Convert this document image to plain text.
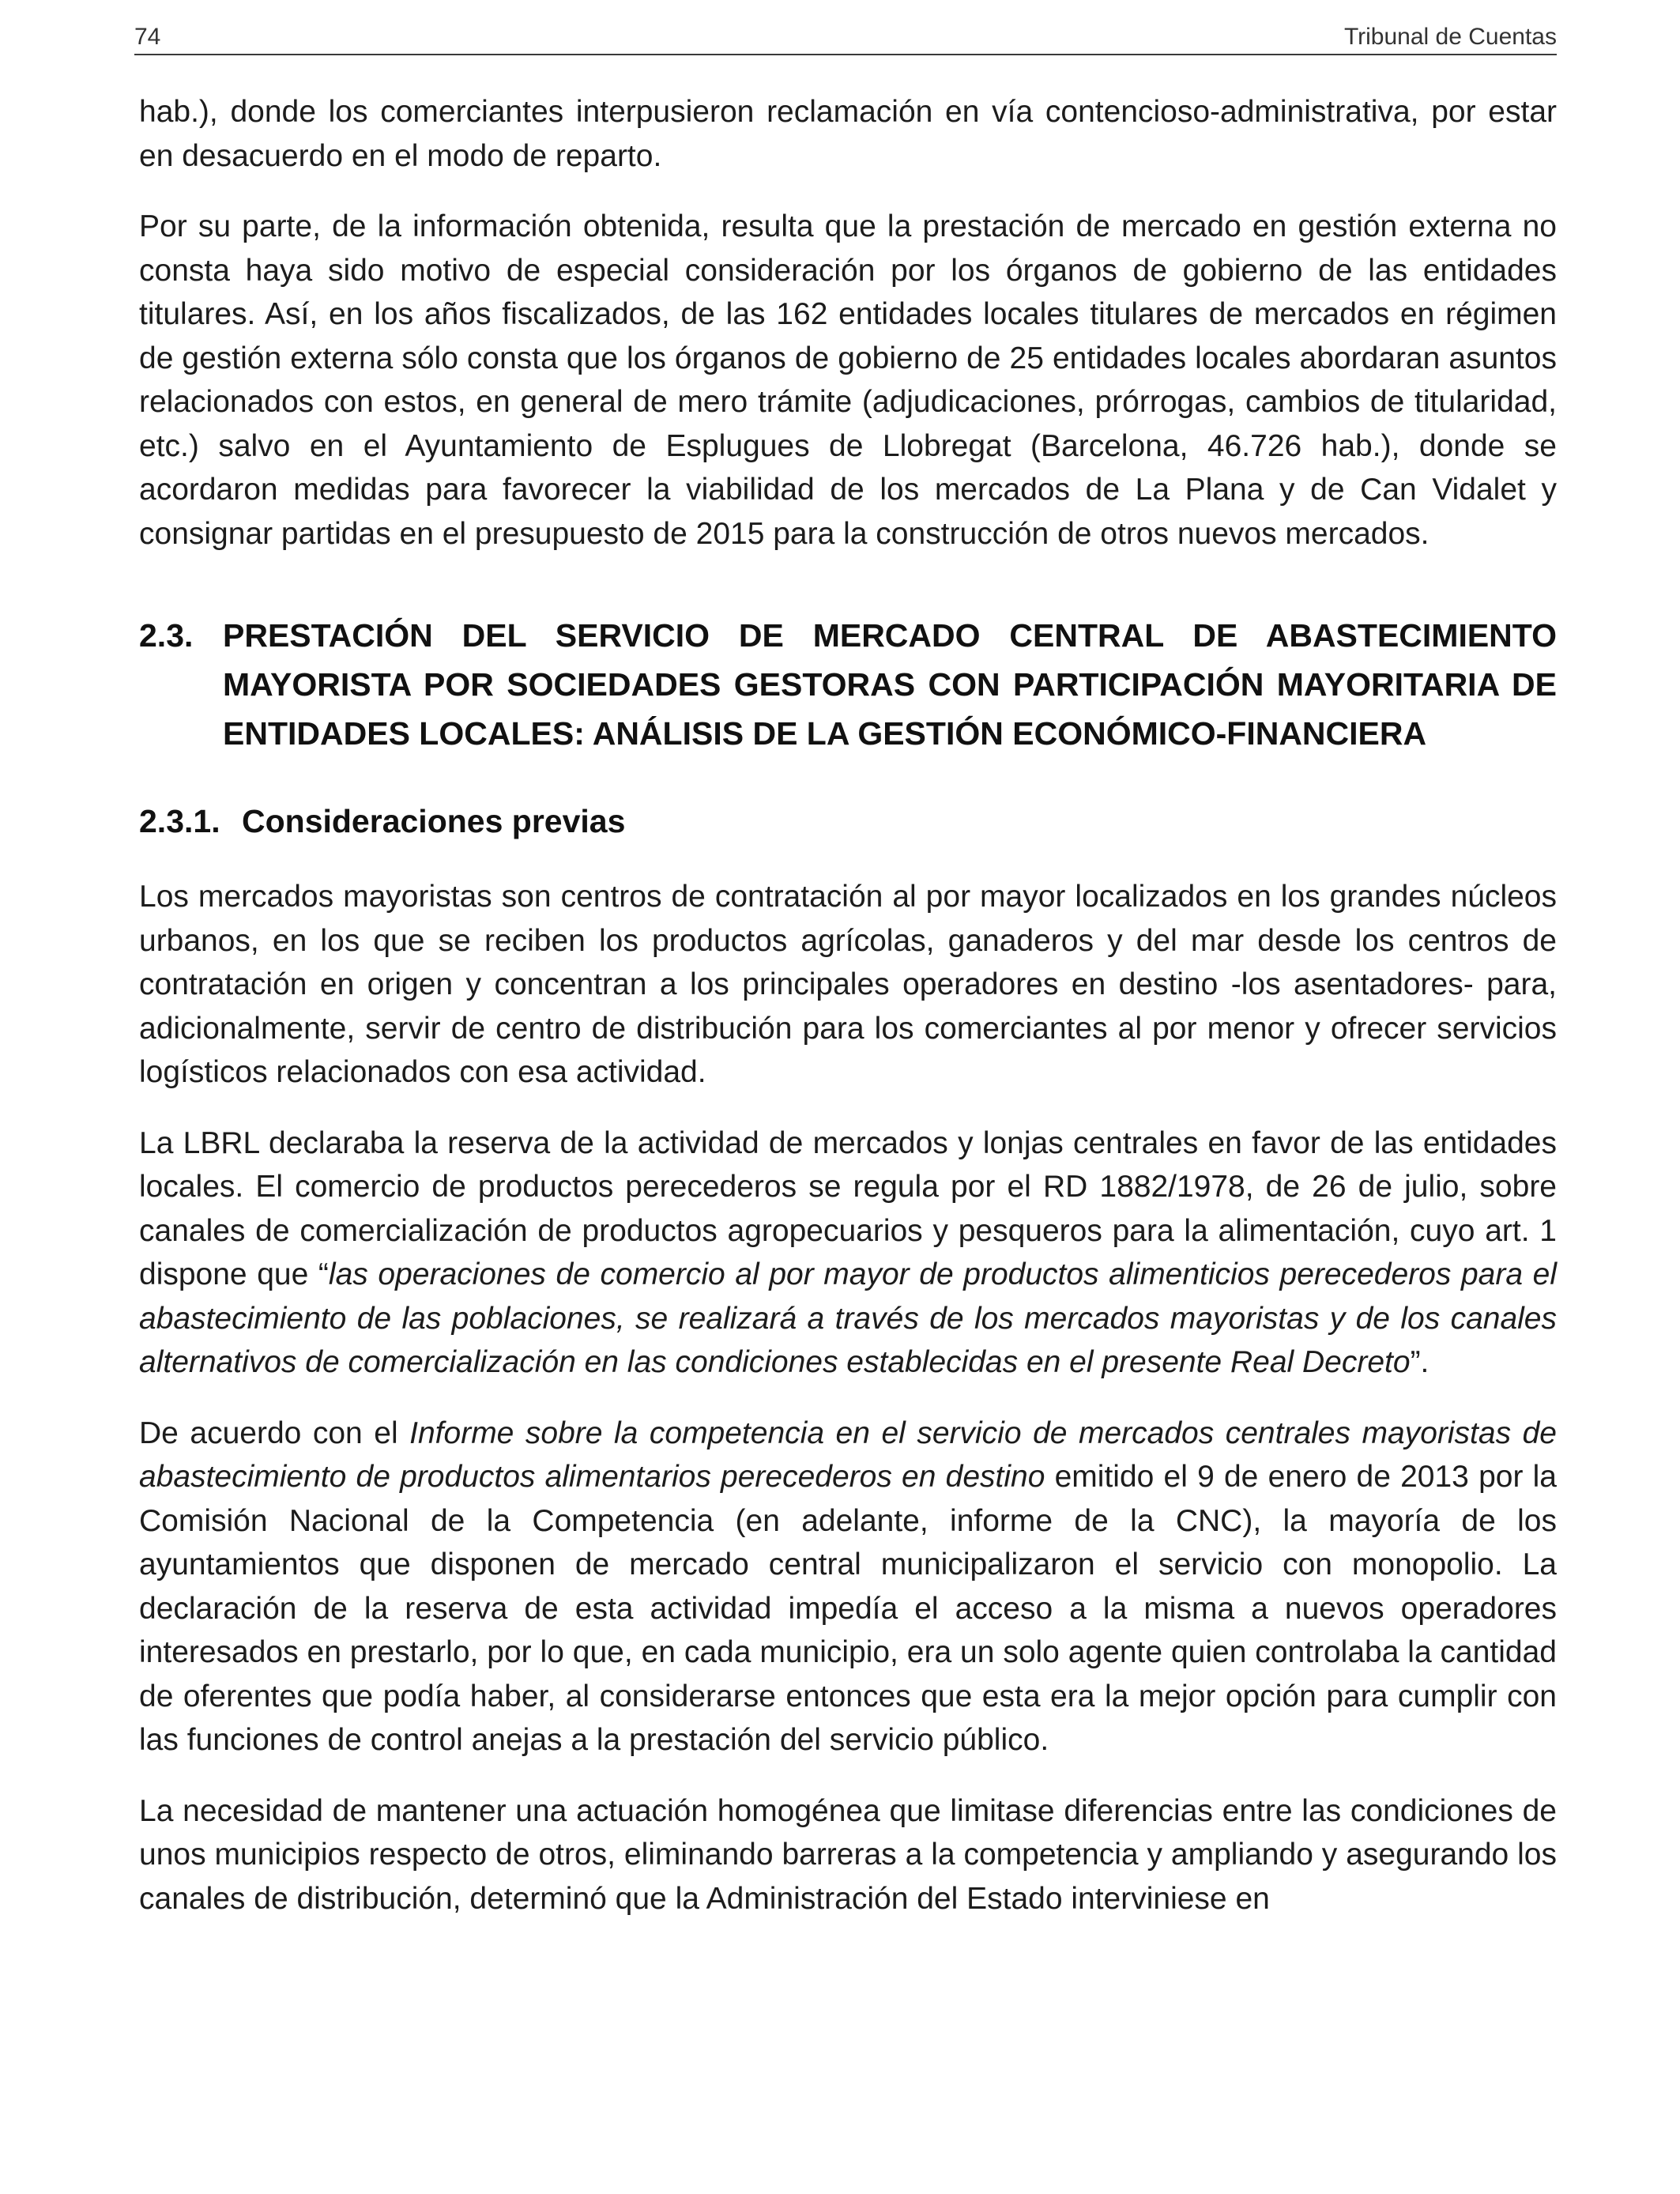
74	Tribunal de Cuentas

hab.), donde los comerciantes interpusieron reclamación en vía contencioso-administrativa, por estar en desacuerdo en el modo de reparto.

Por su parte, de la información obtenida, resulta que la prestación de mercado en gestión externa no consta haya sido motivo de especial consideración por los órganos de gobierno de las entidades titulares. Así, en los años fiscalizados, de las 162 entidades locales titulares de mercados en régimen de gestión externa sólo consta que los órganos de gobierno de 25 entidades locales abordaran asuntos relacionados con estos, en general de mero trámite (adjudicaciones, prórrogas, cambios de titularidad, etc.) salvo en el Ayuntamiento de Esplugues de Llobregat (Barcelona, 46.726 hab.), donde se acordaron medidas para favorecer la viabilidad de los mercados de La Plana y de Can Vidalet y consignar partidas en el presupuesto de 2015 para la construcción de otros nuevos mercados.

2.3. PRESTACIÓN DEL SERVICIO DE MERCADO CENTRAL DE ABASTECIMIENTO MAYORISTA POR SOCIEDADES GESTORAS CON PARTICIPACIÓN MAYORITARIA DE ENTIDADES LOCALES: ANÁLISIS DE LA GESTIÓN ECONÓMICO-FINANCIERA
2.3.1. Consideraciones previas

Los mercados mayoristas son centros de contratación al por mayor localizados en los grandes núcleos urbanos, en los que se reciben los productos agrícolas, ganaderos y del mar desde los centros de contratación en origen y concentran a los principales operadores en destino -los asentadores- para, adicionalmente, servir de centro de distribución para los comerciantes al por menor y ofrecer servicios logísticos relacionados con esa actividad.

La LBRL declaraba la reserva de la actividad de mercados y lonjas centrales en favor de las entidades locales. El comercio de productos perecederos se regula por el RD 1882/1978, de 26 de julio, sobre canales de comercialización de productos agropecuarios y pesqueros para la alimentación, cuyo art. 1 dispone que “las operaciones de comercio al por mayor de productos alimenticios perecederos para el abastecimiento de las poblaciones, se realizará a través de los mercados mayoristas y de los canales alternativos de comercialización en las condiciones establecidas en el presente Real Decreto”.

De acuerdo con el Informe sobre la competencia en el servicio de mercados centrales mayoristas de abastecimiento de productos alimentarios perecederos en destino emitido el 9 de enero de 2013 por la Comisión Nacional de la Competencia (en adelante, informe de la CNC), la mayoría de los ayuntamientos que disponen de mercado central municipalizaron el servicio con monopolio. La declaración de la reserva de esta actividad impedía el acceso a la misma a nuevos operadores interesados en prestarlo, por lo que, en cada municipio, era un solo agente quien controlaba la cantidad de oferentes que podía haber, al considerarse entonces que esta era la mejor opción para cumplir con las funciones de control anejas a la prestación del servicio público.

La necesidad de mantener una actuación homogénea que limitase diferencias entre las condiciones de unos municipios respecto de otros, eliminando barreras a la competencia y ampliando y asegurando los canales de distribución, determinó que la Administración del Estado interviniese en
